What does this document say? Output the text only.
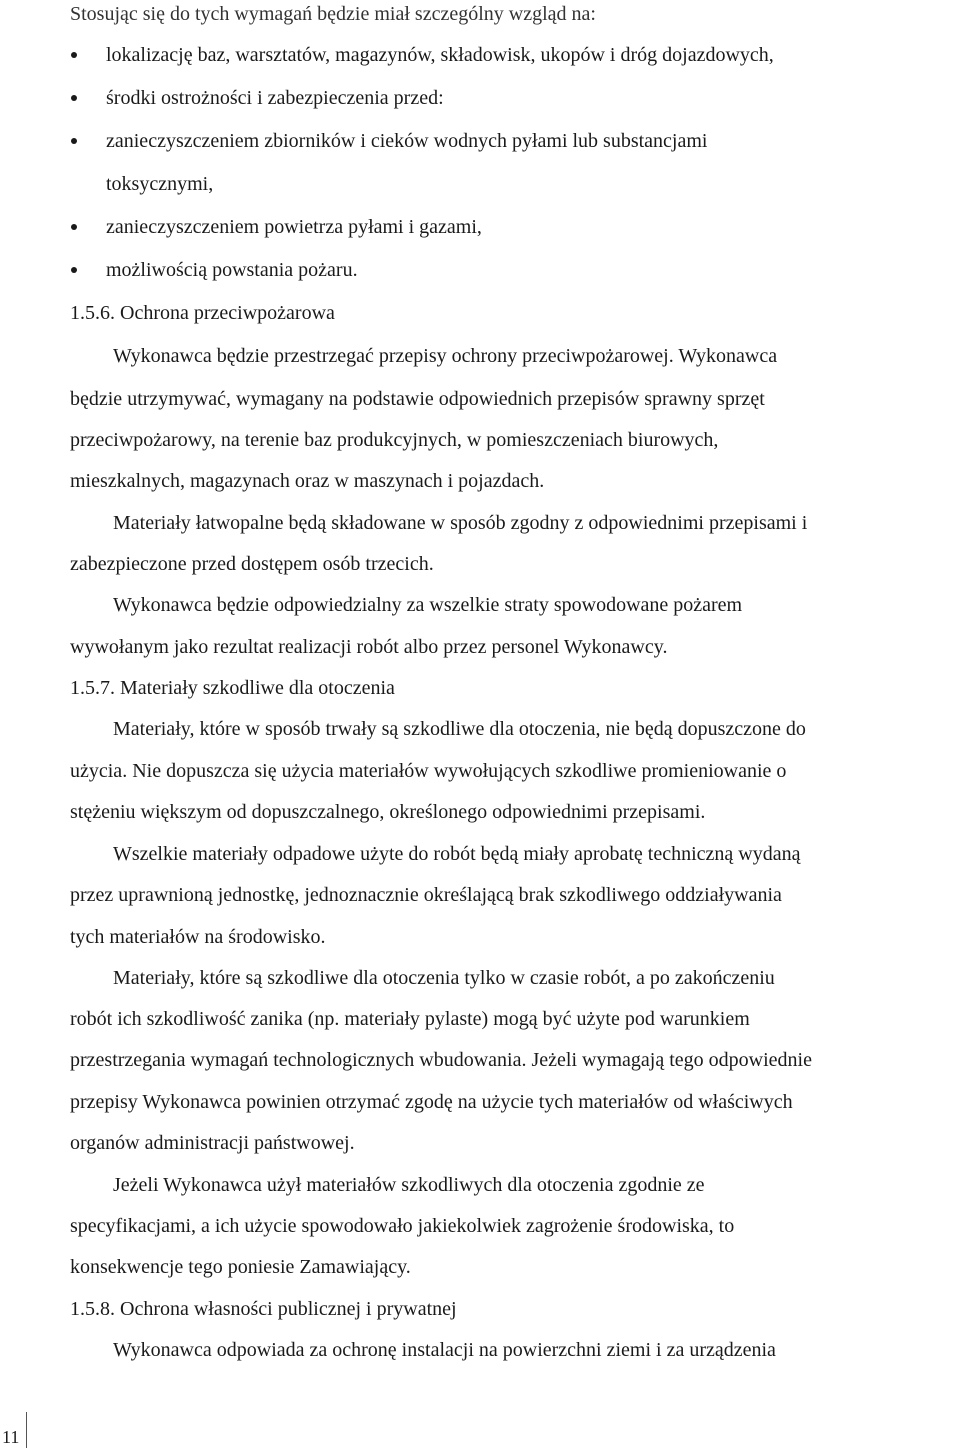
Stosując się do tych wymagań będzie miał szczególny wzgląd na:
lokalizację baz, warsztatów, magazynów, składowisk, ukopów i dróg dojazdowych,
środki ostrożności i zabezpieczenia przed:
zanieczyszczeniem zbiorników i cieków wodnych pyłami lub substancjami
toksycznymi,
zanieczyszczeniem powietrza pyłami i gazami,
możliwością powstania pożaru.
1.5.6. Ochrona przeciwpożarowa
Wykonawca będzie przestrzegać przepisy ochrony przeciwpożarowej. Wykonawca
będzie utrzymywać, wymagany na podstawie odpowiednich przepisów sprawny sprzęt
przeciwpożarowy, na terenie baz produkcyjnych, w pomieszczeniach biurowych,
mieszkalnych, magazynach oraz w maszynach i pojazdach.
Materiały łatwopalne będą składowane w sposób zgodny z odpowiednimi przepisami i
zabezpieczone przed dostępem osób trzecich.
Wykonawca będzie odpowiedzialny za wszelkie straty spowodowane pożarem
wywołanym jako rezultat realizacji robót albo przez personel Wykonawcy.
1.5.7. Materiały szkodliwe dla otoczenia
Materiały, które w sposób trwały są szkodliwe dla otoczenia, nie będą dopuszczone do
użycia. Nie dopuszcza się użycia materiałów wywołujących szkodliwe promieniowanie o
stężeniu większym od dopuszczalnego, określonego odpowiednimi przepisami.
Wszelkie materiały odpadowe użyte do robót będą miały aprobatę techniczną wydaną
przez uprawnioną jednostkę, jednoznacznie określającą brak szkodliwego oddziaływania
tych materiałów na środowisko.
Materiały, które są szkodliwe dla otoczenia tylko w czasie robót, a po zakończeniu
robót ich szkodliwość zanika (np. materiały pylaste) mogą być użyte pod warunkiem
przestrzegania wymagań technologicznych wbudowania. Jeżeli wymagają tego odpowiednie
przepisy Wykonawca powinien otrzymać zgodę na użycie tych materiałów od właściwych
organów administracji państwowej.
Jeżeli Wykonawca użył materiałów szkodliwych dla otoczenia zgodnie ze
specyfikacjami, a ich użycie spowodowało jakiekolwiek zagrożenie środowiska, to
konsekwencje tego poniesie Zamawiający.
1.5.8. Ochrona własności publicznej i prywatnej
Wykonawca odpowiada za ochronę instalacji na powierzchni ziemi i za urządzenia
11
